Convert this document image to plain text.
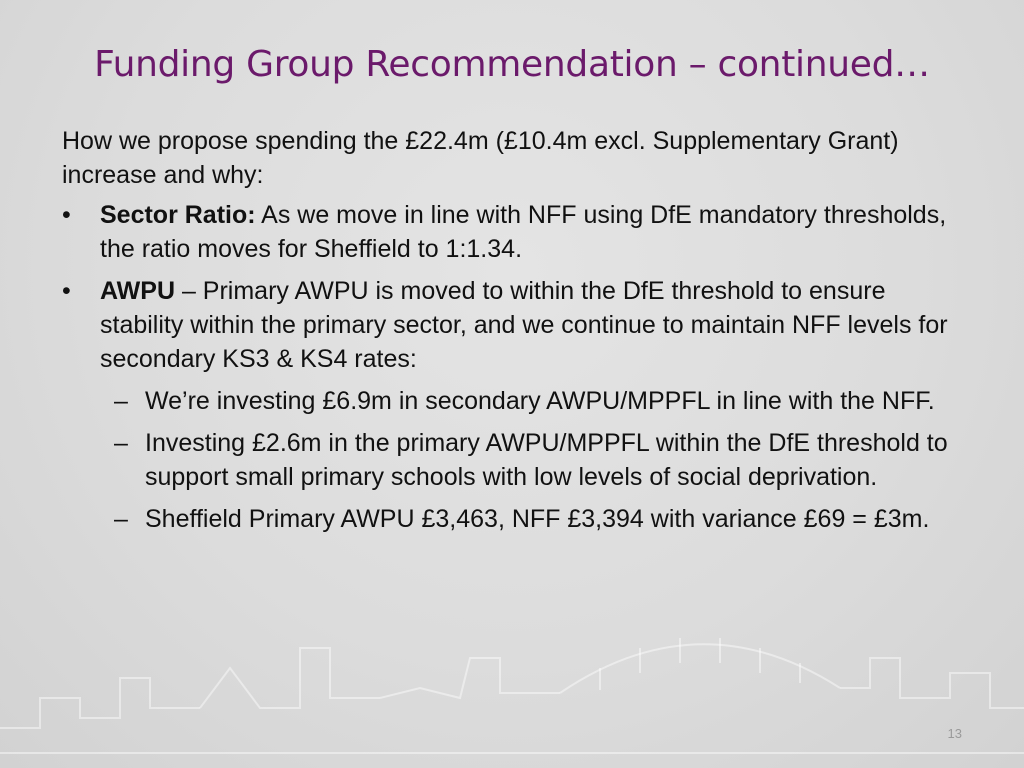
Funding Group Recommendation – continued…
How we propose spending the £22.4m (£10.4m excl. Supplementary Grant) increase and why:
• Sector Ratio: As we move in line with NFF using DfE mandatory thresholds, the ratio moves for Sheffield to 1:1.34.
• AWPU – Primary AWPU is moved to within the DfE threshold to ensure stability within the primary sector, and we continue to maintain NFF levels for secondary KS3 & KS4 rates:
– We’re investing £6.9m in secondary AWPU/MPPFL in line with the NFF.
– Investing £2.6m in the primary AWPU/MPPFL within the DfE threshold to support small primary schools with low levels of social deprivation.
– Sheffield Primary AWPU £3,463, NFF £3,394 with variance £69 = £3m.
13
